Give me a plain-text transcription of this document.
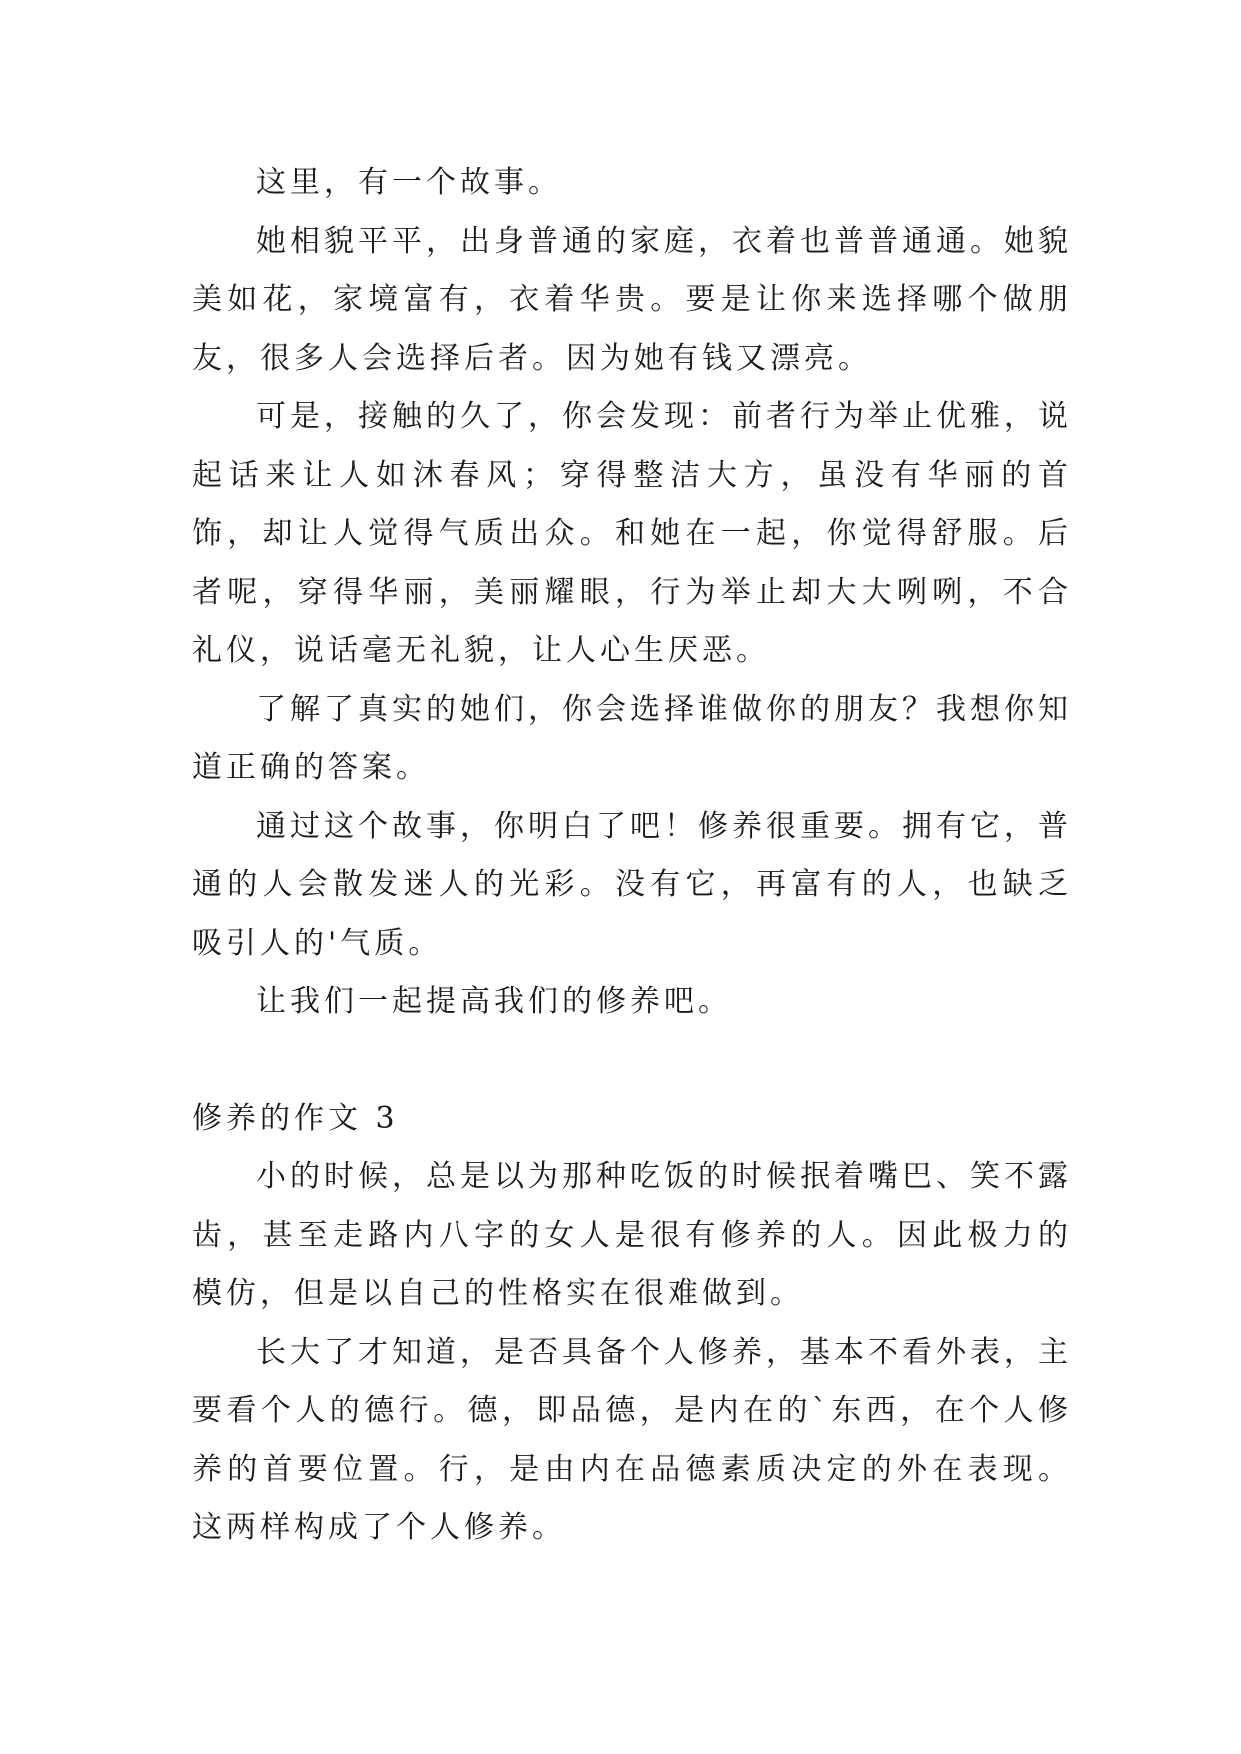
这里，有一个故事。

她相貌平平，出身普通的家庭，衣着也普普通通。她貌美如花，家境富有，衣着华贵。要是让你来选择哪个做朋友，很多人会选择后者。因为她有钱又漂亮。

可是，接触的久了，你会发现：前者行为举止优雅，说起话来让人如沐春风；穿得整洁大方，虽没有华丽的首饰，却让人觉得气质出众。和她在一起，你觉得舒服。后者呢，穿得华丽，美丽耀眼，行为举止却大大咧咧，不合礼仪，说话毫无礼貌，让人心生厌恶。

了解了真实的她们，你会选择谁做你的朋友？我想你知道正确的答案。

通过这个故事，你明白了吧！修养很重要。拥有它，普通的人会散发迷人的光彩。没有它，再富有的人，也缺乏吸引人的'气质。

让我们一起提高我们的修养吧。

修养的作文 3

小的时候，总是以为那种吃饭的时候抿着嘴巴、笑不露齿，甚至走路内八字的女人是很有修养的人。因此极力的模仿，但是以自己的性格实在很难做到。

长大了才知道，是否具备个人修养，基本不看外表，主要看个人的德行。德，即品德，是内在的`东西，在个人修养的首要位置。行，是由内在品德素质决定的外在表现。这两样构成了个人修养。
